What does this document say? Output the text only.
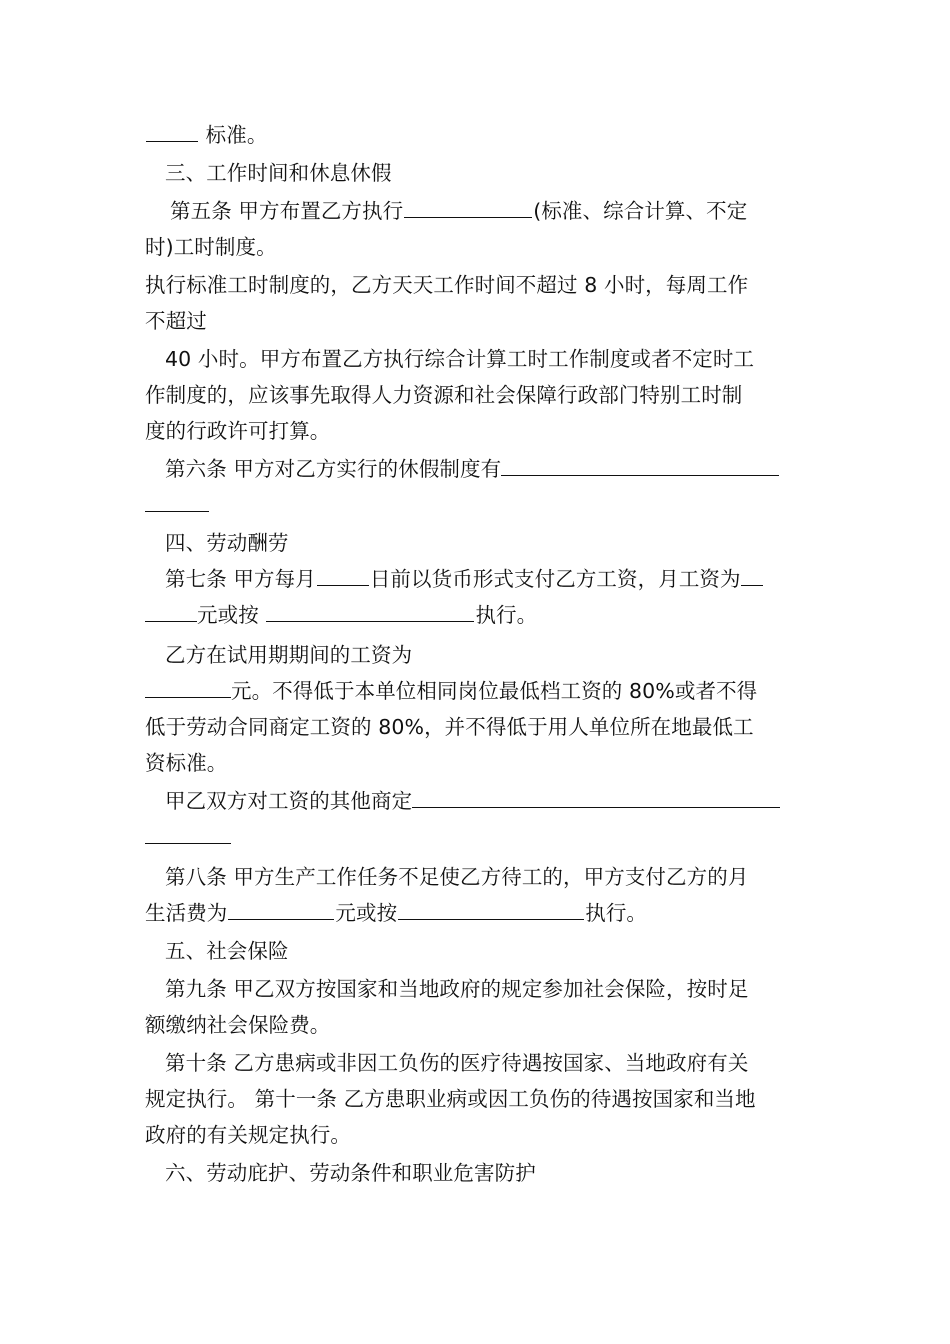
标准。
三、工作时间和休息休假
第五条 甲方布置乙方执行	(标准、综合计算、不定
时)工时制度。
执行标准工时制度的，乙方天天工作时间不超过 8 小时，每周工作
不超过
40 小时。甲方布置乙方执行综合计算工时工作制度或者不定时工
作制度的，应该事先取得人力资源和社会保障行政部门特别工时制
度的行政许可打算。
第六条 甲方对乙方实行的休假制度有
四、劳动酬劳
第七条 甲方每月	日前以货币形式支付乙方工资，月工资为
元或按	执行。
乙方在试用期期间的工资为
元。不得低于本单位相同岗位最低档工资的 80%或者不得
低于劳动合同商定工资的 80%，并不得低于用人单位所在地最低工
资标准。
甲乙双方对工资的其他商定
第八条 甲方生产工作任务不足使乙方待工的，甲方支付乙方的月
生活费为	元或按	执行。
五、社会保险
第九条 甲乙双方按国家和当地政府的规定参加社会保险，按时足
额缴纳社会保险费。
第十条 乙方患病或非因工负伤的医疗待遇按国家、当地政府有关
规定执行。 第十一条 乙方患职业病或因工负伤的待遇按国家和当地
政府的有关规定执行。
六、劳动庇护、劳动条件和职业危害防护
